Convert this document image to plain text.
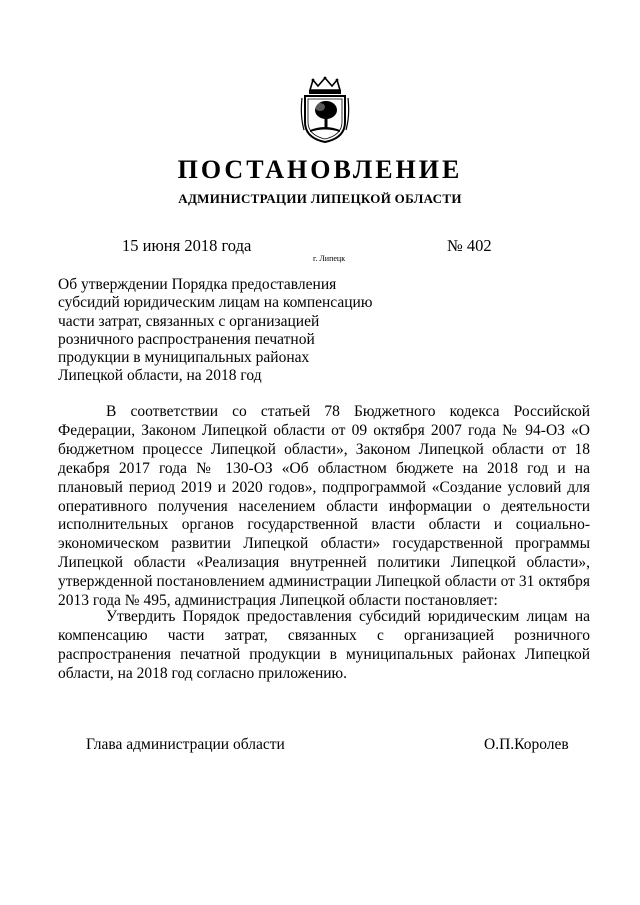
ПОСТАНОВЛЕНИЕ
АДМИНИСТРАЦИИ ЛИПЕЦКОЙ ОБЛАСТИ
15 июня 2018 года
г. Липецк
№ 402
Об утверждении Порядка предоставления
субсидий юридическим лицам на компенсацию
части затрат, связанных с организацией
розничного распространения печатной
продукции в муниципальных районах
Липецкой области, на 2018 год

В соответствии со статьей 78 Бюджетного кодекса Российской Федерации, Законом Липецкой области от 09 октября 2007 года № 94-ОЗ «О бюджетном процессе Липецкой области», Законом Липецкой области от 18 декабря 2017 года № 130-ОЗ «Об областном бюджете на 2018 год и на плановый период 2019 и 2020 годов», подпрограммой «Создание условий для оперативного получения населением области информации о деятельности исполнительных органов государственной власти области и социально-экономическом развитии Липецкой области» государственной программы Липецкой области «Реализация внутренней политики Липецкой области», утвержденной постановлением администрации Липецкой области от 31 октября 2013 года № 495, администрация Липецкой области постановляет:

Утвердить Порядок предоставления субсидий юридическим лицам на компенсацию части затрат, связанных с организацией розничного распространения печатной продукции в муниципальных районах Липецкой области, на 2018 год согласно приложению.

Глава администрации области	О.П.Королев
